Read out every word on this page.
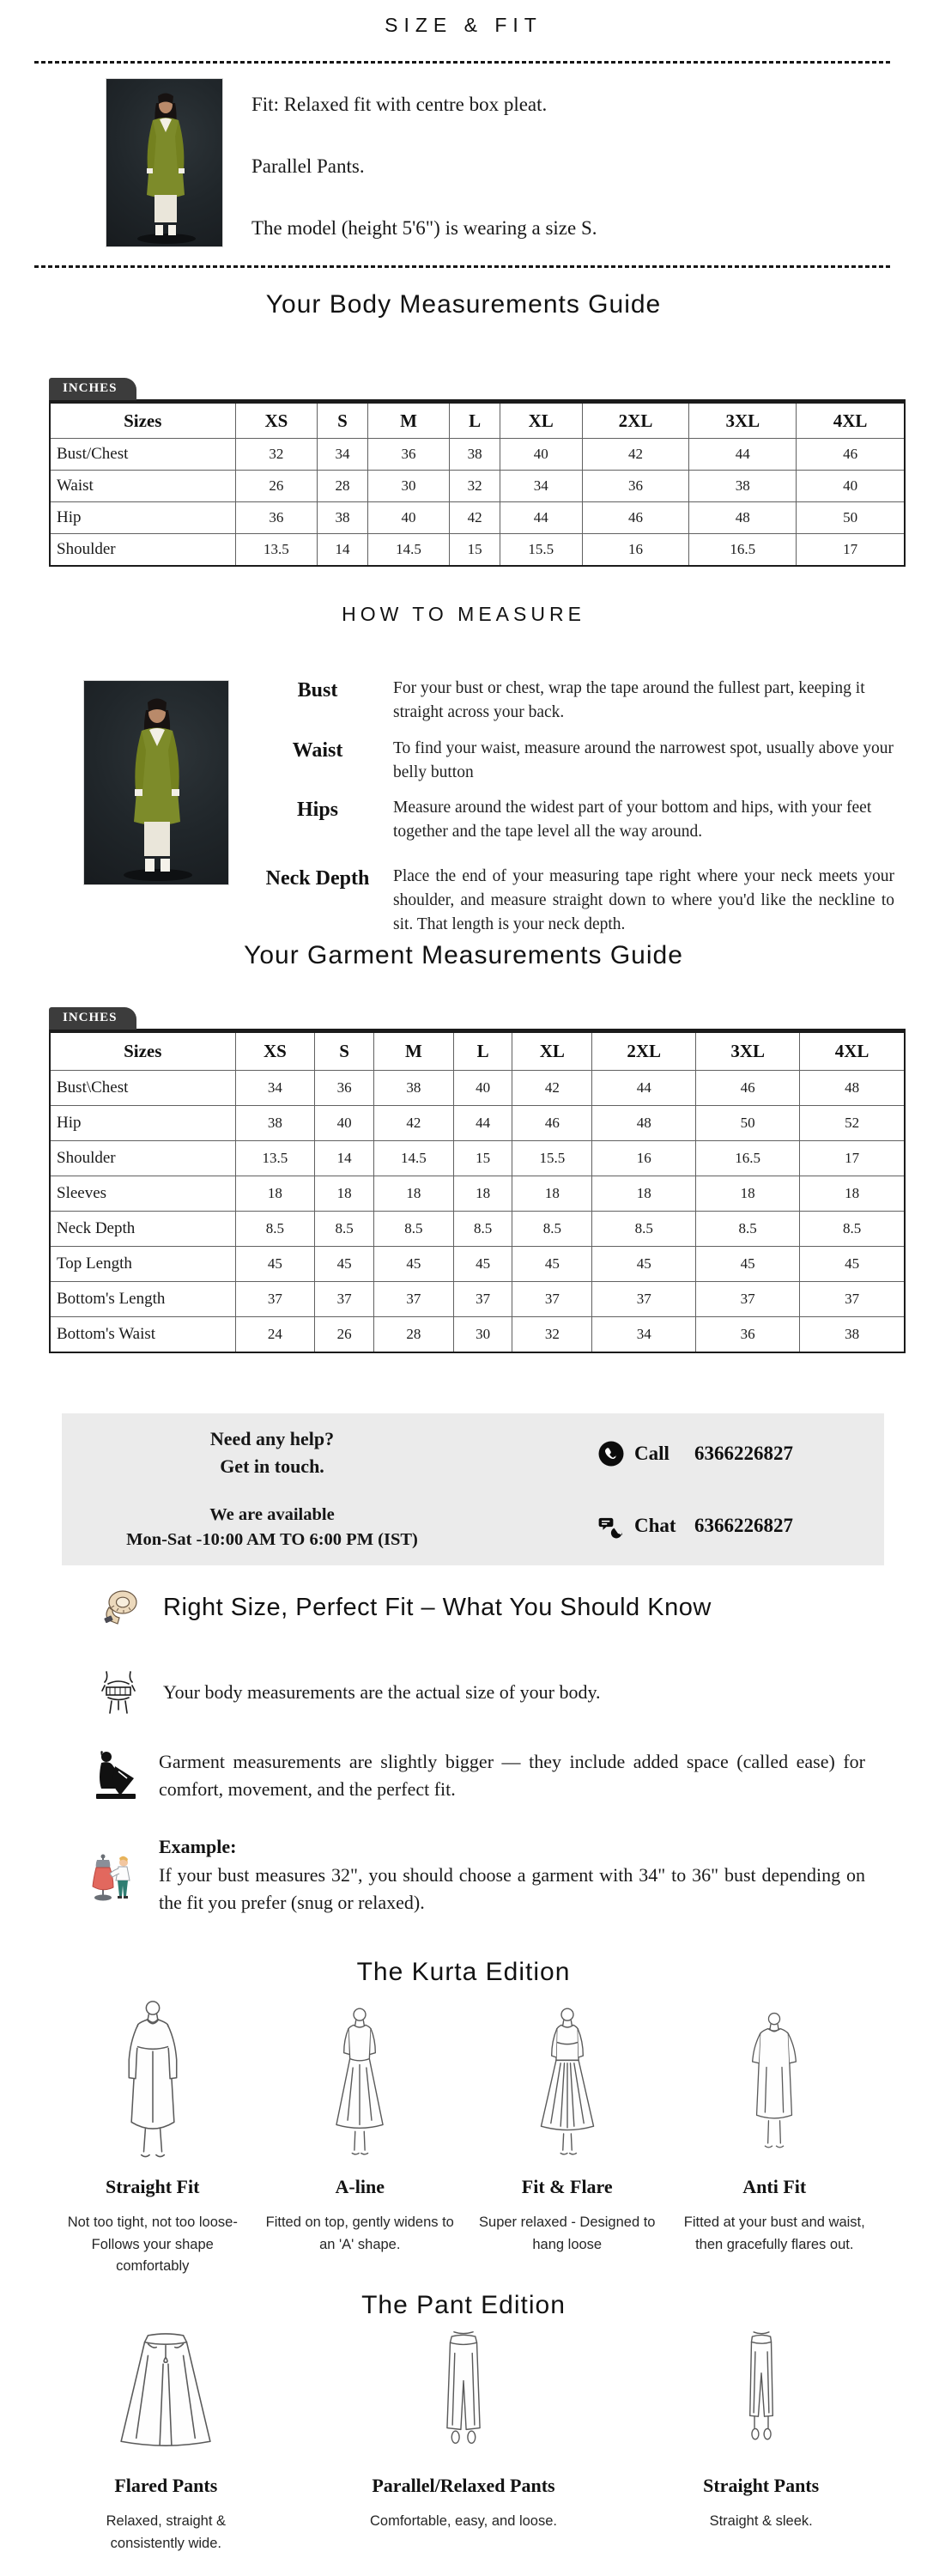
SIZE & FIT

Fit: Relaxed fit with centre box pleat.

Parallel Pants.

The model (height 5'6") is wearing a size S.

Your Body Measurements Guide
INCHES
Sizes	XS	S	M	L	XL	2XL	3XL	4XL
Bust/Chest	32	34	36	38	40	42	44	46
Waist	26	28	30	32	34	36	38	40
Hip	36	38	40	42	44	46	48	50
Shoulder	13.5	14	14.5	15	15.5	16	16.5	17
HOW TO MEASURE
Bust	For your bust or chest, wrap the tape around the fullest part, keeping it straight across your back.
Waist	To find your waist, measure around the narrowest spot, usually above your belly button
Hips	Measure around the widest part of your bottom and hips, with your feet together and the tape level all the way around.
Neck Depth	Place the end of your measuring tape right where your neck meets your shoulder, and measure straight down to where you'd like the neckline to sit. That length is your neck depth.
Your Garment Measurements Guide
INCHES
Sizes	XS	S	M	L	XL	2XL	3XL	4XL
Bust\Chest	34	36	38	40	42	44	46	48
Hip	38	40	42	44	46	48	50	52
Shoulder	13.5	14	14.5	15	15.5	16	16.5	17
Sleeves	18	18	18	18	18	18	18	18
Neck Depth	8.5	8.5	8.5	8.5	8.5	8.5	8.5	8.5
Top Length	45	45	45	45	45	45	45	45
Bottom's Length	37	37	37	37	37	37	37	37
Bottom's Waist	24	26	28	30	32	34	36	38
Need any help?
Get in touch.
We are available
Mon-Sat -10:00 AM TO 6:00 PM (IST)
Call	6366226827
Chat 6366226827
Right Size, Perfect Fit – What You Should Know
Your body measurements are the actual size of your body.
Garment measurements are slightly bigger — they include added space (called ease) for comfort, movement, and the perfect fit.
Example:
If your bust measures 32", you should choose a garment with 34" to 36" bust depending on the fit you prefer (snug or relaxed).
The Kurta Edition
Straight Fit
Not too tight, not too loose-Follows your shape comfortably
A-line
Fitted on top, gently widens to an 'A' shape.
Fit & Flare
Super relaxed - Designed to hang loose
Anti Fit
Fitted at your bust and waist, then gracefully flares out.
The Pant Edition
Flared Pants
Relaxed, straight & consistently wide.
Parallel/Relaxed Pants
Comfortable, easy, and loose.
Straight Pants
Straight & sleek.
